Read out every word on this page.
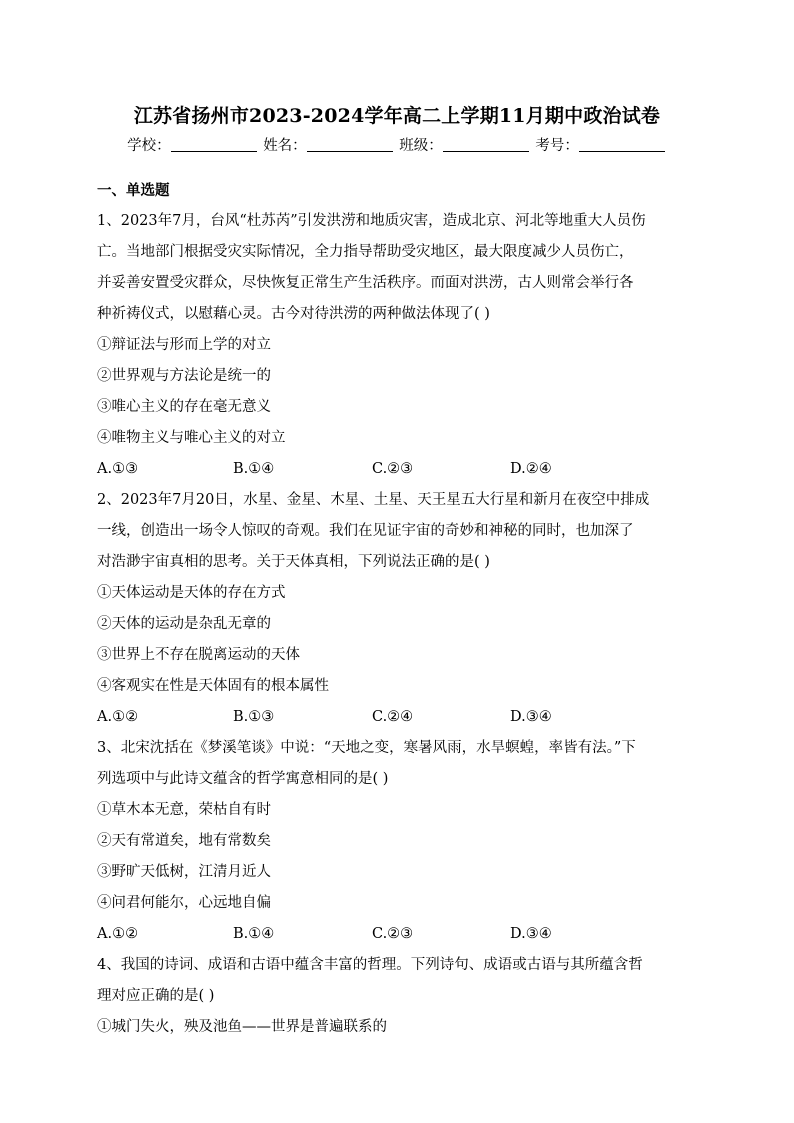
江苏省扬州市2023-2024学年高二上学期11月期中政治试卷
学校：	姓名：	班级：	考号：
一、单选题
1、2023年7月，台风“杜苏芮”引发洪涝和地质灾害，造成北京、河北等地重大人员伤
亡。当地部门根据受灾实际情况，全力指导帮助受灾地区，最大限度减少人员伤亡，
并妥善安置受灾群众，尽快恢复正常生产生活秩序。而面对洪涝，古人则常会举行各
种祈祷仪式，以慰藉心灵。古今对待洪涝的两种做法体现了( )
①辩证法与形而上学的对立
②世界观与方法论是统一的
③唯心主义的存在毫无意义
④唯物主义与唯心主义的对立
A.①③	B.①④	C.②③	D.②④
2、2023年7月20日，水星、金星、木星、土星、天王星五大行星和新月在夜空中排成
一线，创造出一场令人惊叹的奇观。我们在见证宇宙的奇妙和神秘的同时，也加深了
对浩渺宇宙真相的思考。关于天体真相，下列说法正确的是( )
①天体运动是天体的存在方式
②天体的运动是杂乱无章的
③世界上不存在脱离运动的天体
④客观实在性是天体固有的根本属性
A.①②	B.①③	C.②④	D.③④
3、北宋沈括在《梦溪笔谈》中说：“天地之变，寒暑风雨，水旱螟蝗，率皆有法。”下
列选项中与此诗文蕴含的哲学寓意相同的是( )
①草木本无意，荣枯自有时
②天有常道矣，地有常数矣
③野旷天低树，江清月近人
④问君何能尔，心远地自偏
A.①②	B.①④	C.②③	D.③④
4、我国的诗词、成语和古语中蕴含丰富的哲理。下列诗句、成语或古语与其所蕴含哲
理对应正确的是( )
①城门失火，殃及池鱼——世界是普遍联系的
